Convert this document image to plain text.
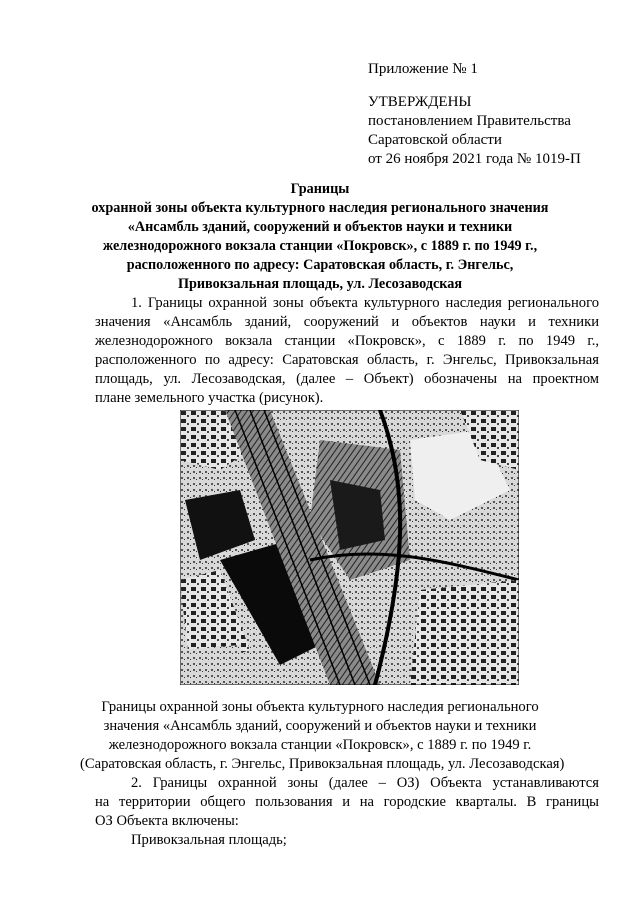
Приложение № 1
УТВЕРЖДЕНЫ
постановлением Правительства
Саратовской области
от 26 ноября 2021 года № 1019-П
Границы
охранной зоны объекта культурного наследия регионального значения
«Ансамбль зданий, сооружений и объектов науки и техники
железнодорожного вокзала станции «Покровск», с 1889 г. по 1949 г.,
расположенного по адресу: Саратовская область, г. Энгельс,
Привокзальная площадь, ул. Лесозаводская
1. Границы охранной зоны объекта культурного наследия регионального
значения «Ансамбль зданий, сооружений и объектов науки и техники
железнодорожного вокзала станции «Покровск», с 1889 г. по 1949 г.,
расположенного по адресу: Саратовская область, г. Энгельс, Привокзальная
площадь, ул. Лесозаводская, (далее – Объект) обозначены на проектном
плане земельного участка (рисунок).
Границы охранной зоны объекта культурного наследия регионального
значения «Ансамбль зданий, сооружений и объектов науки и техники
железнодорожного вокзала станции «Покровск», с 1889 г. по 1949 г.
(Саратовская область, г. Энгельс, Привокзальная площадь, ул. Лесозаводская)
2. Границы охранной зоны (далее – ОЗ) Объекта устанавливаются
на территории общего пользования и на городские кварталы. В границы
ОЗ Объекта включены:
Привокзальная площадь;
